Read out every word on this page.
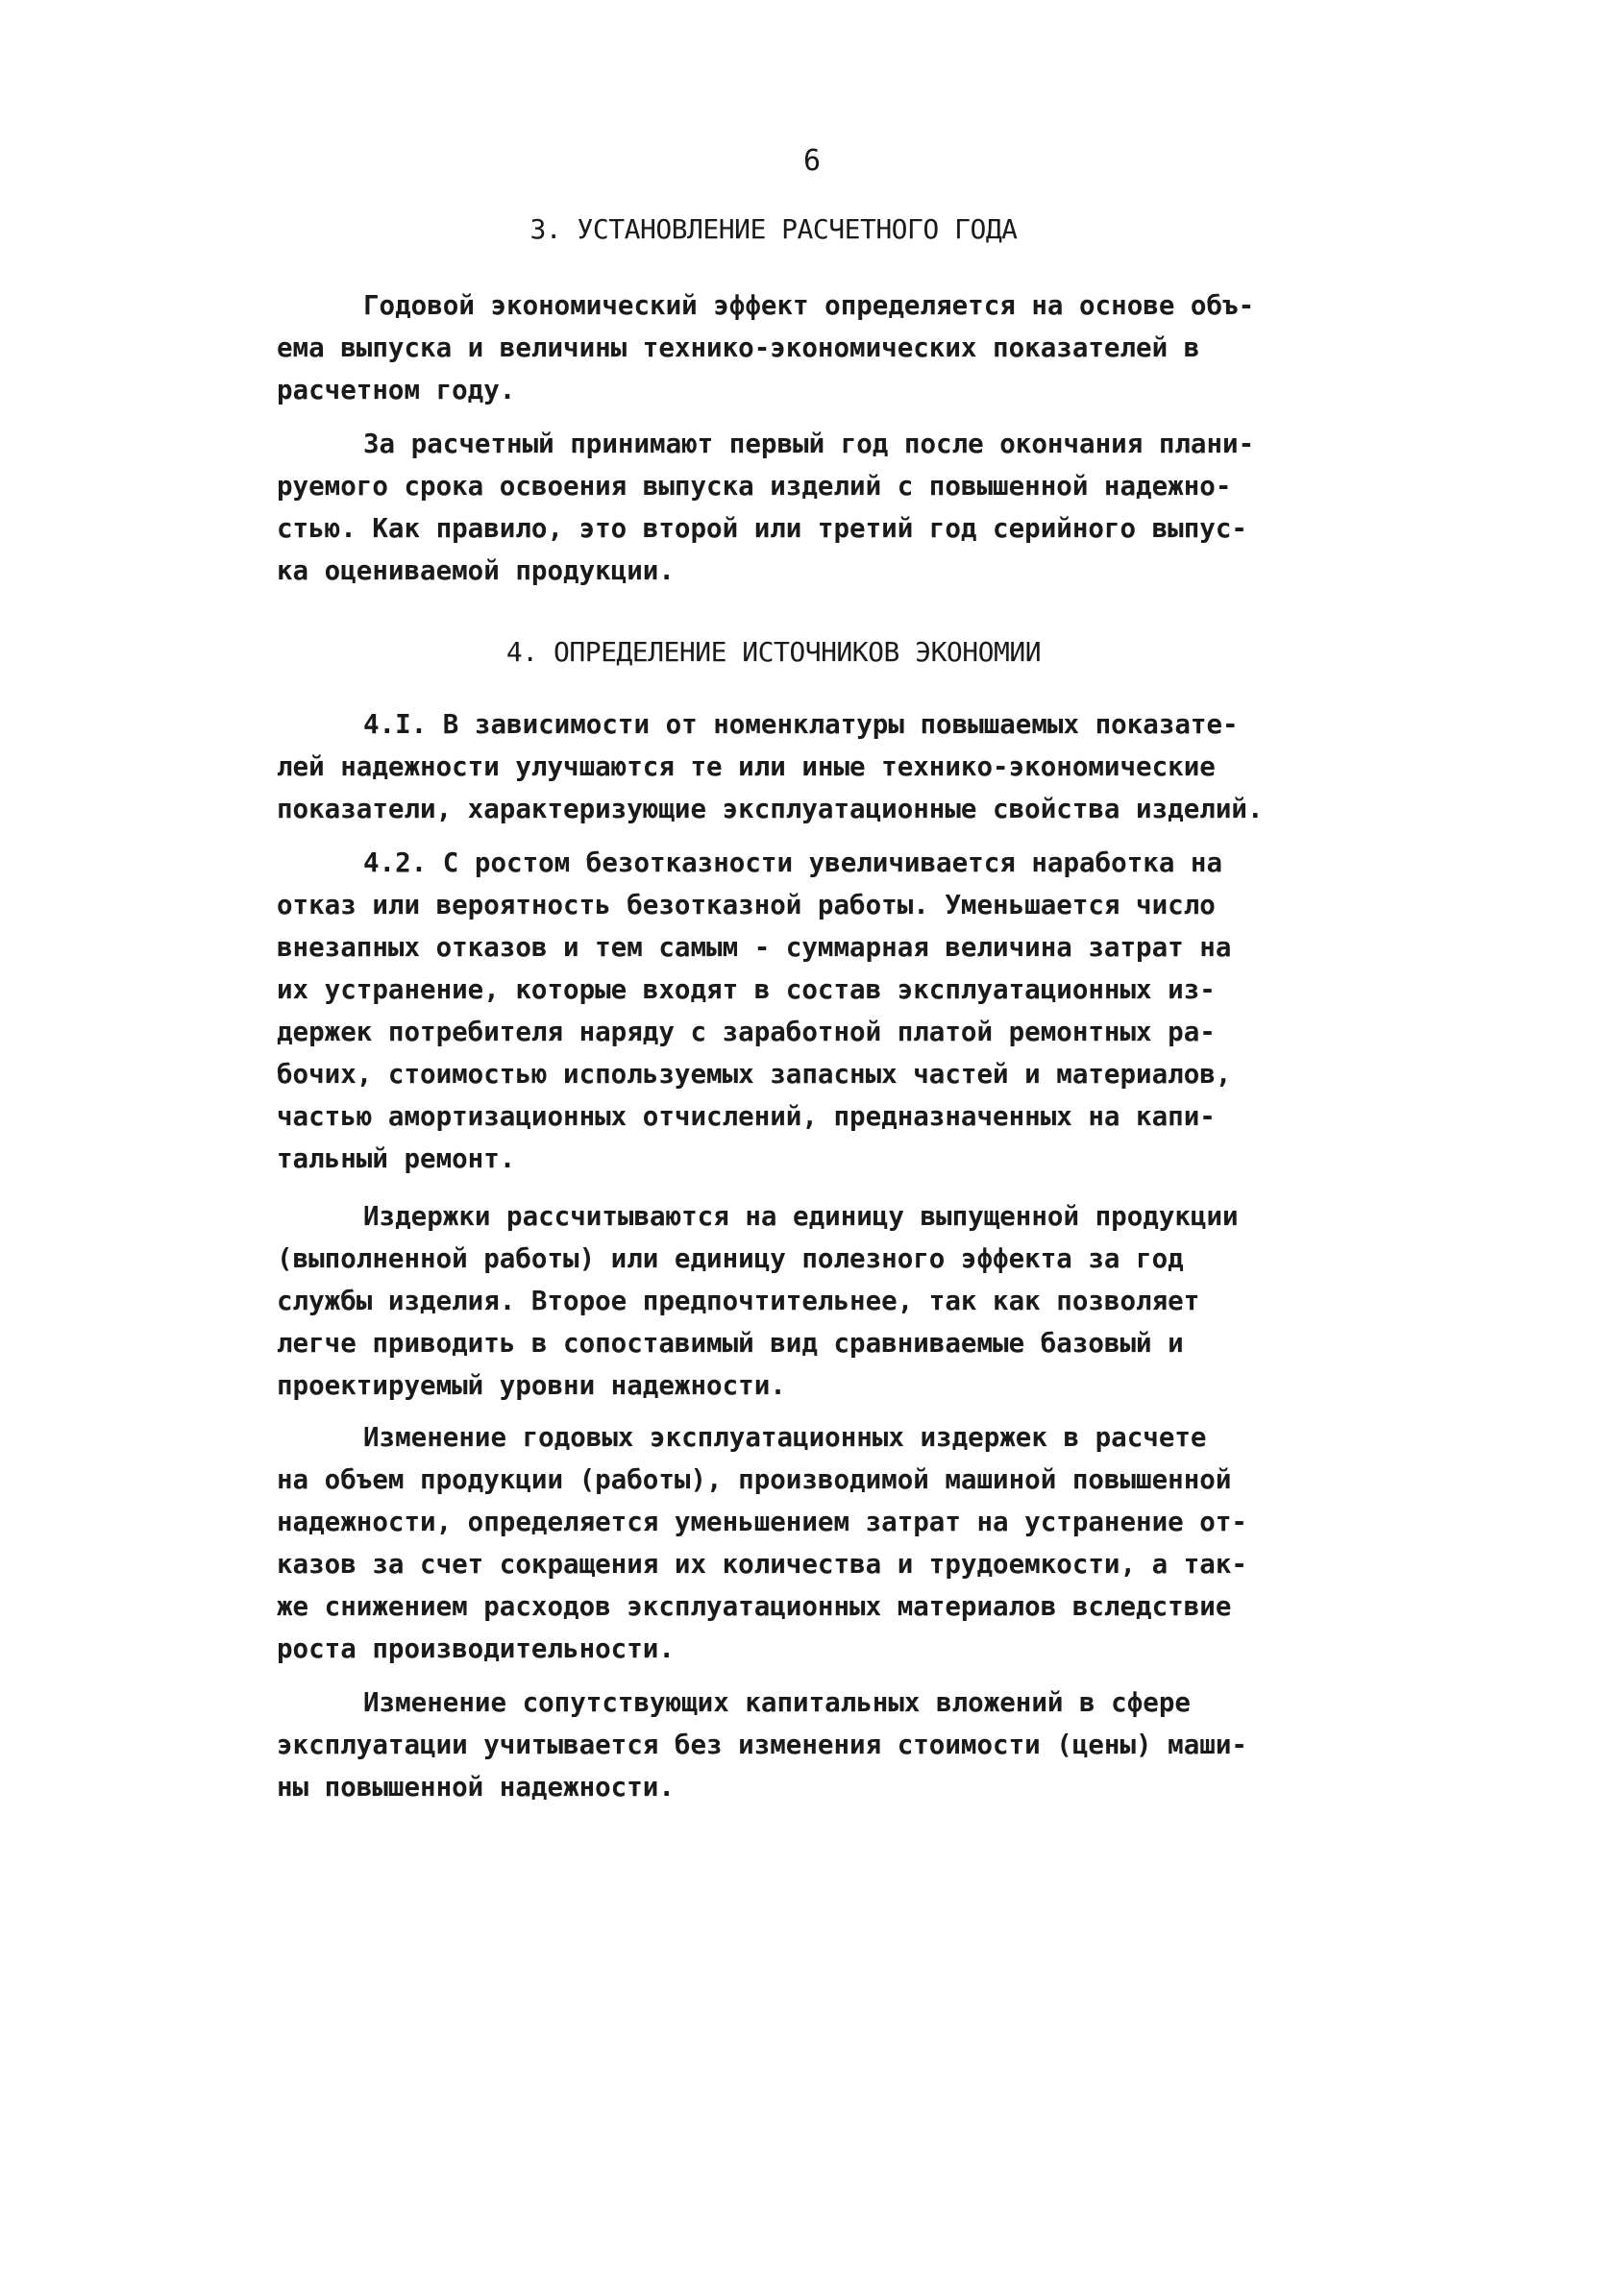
6
3. УСТАНОВЛЕНИЕ РАСЧЕТНОГО ГОДА
Годовой экономический эффект определяется на основе объ-
ема выпуска и величины технико-экономических показателей в
расчетном году.
За расчетный принимают первый год после окончания плани-
руемого срока освоения выпуска изделий с повышенной надежно-
стью. Как правило, это второй или третий год серийного выпус-
ка оцениваемой продукции.
4. ОПРЕДЕЛЕНИЕ ИСТОЧНИКОВ ЭКОНОМИИ
4.I. В зависимости от номенклатуры повышаемых показате-
лей надежности улучшаются те или иные технико-экономические
показатели, характеризующие эксплуатационные свойства изделий.
4.2. С ростом безотказности увеличивается наработка на
отказ или вероятность безотказной работы. Уменьшается число
внезапных отказов и тем самым - суммарная величина затрат на
их устранение, которые входят в состав эксплуатационных из-
держек потребителя наряду с заработной платой ремонтных ра-
бочих, стоимостью используемых запасных частей и материалов,
частью амортизационных отчислений, предназначенных на капи-
тальный ремонт.
Издержки рассчитываются на единицу выпущенной продукции
(выполненной работы) или единицу полезного эффекта за год
службы изделия. Второе предпочтительнее, так как позволяет
легче приводить в сопоставимый вид сравниваемые базовый и
проектируемый уровни надежности.
Изменение годовых эксплуатационных издержек в расчете
на объем продукции (работы), производимой машиной повышенной
надежности, определяется уменьшением затрат на устранение от-
казов за счет сокращения их количества и трудоемкости, а так-
же снижением расходов эксплуатационных материалов вследствие
роста производительности.
Изменение сопутствующих капитальных вложений в сфере
эксплуатации учитывается без изменения стоимости (цены) маши-
ны повышенной надежности.
